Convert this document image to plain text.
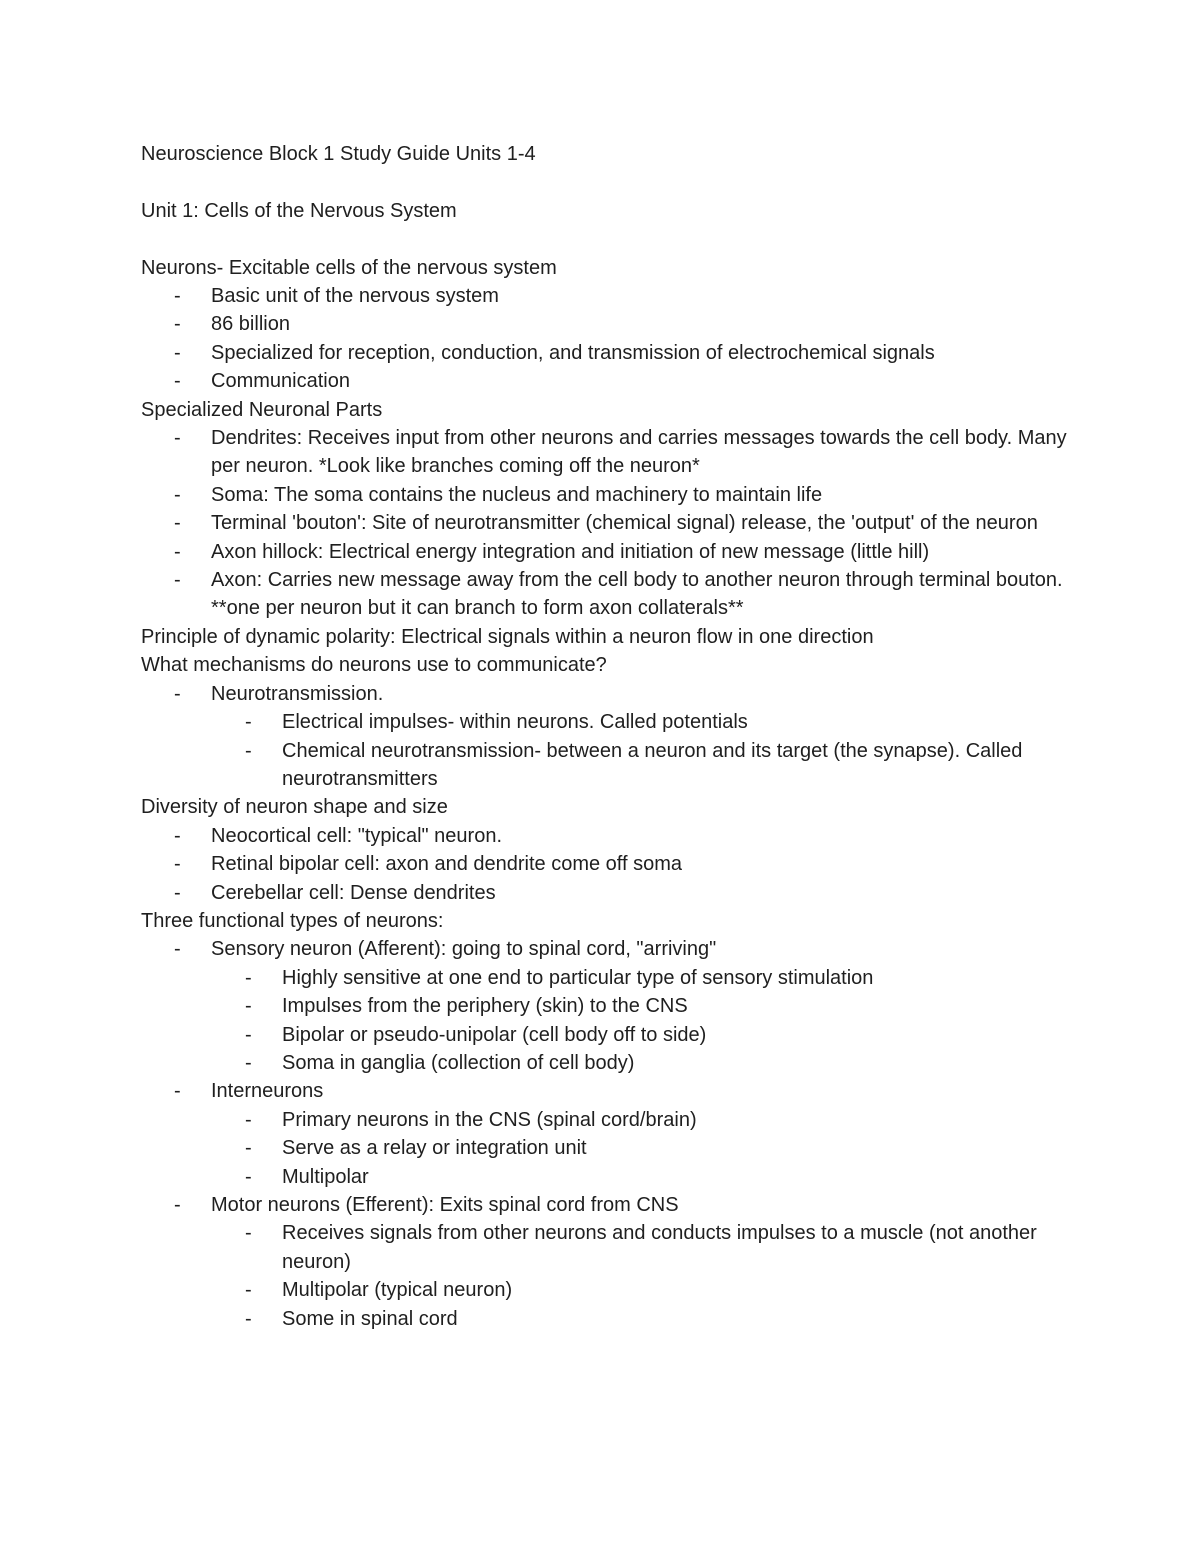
Neuroscience Block 1 Study Guide Units 1-4

Unit 1: Cells of the Nervous System

Neurons- Excitable cells of the nervous system

-	Basic unit of the nervous system
-	86 billion
-	Specialized for reception, conduction, and transmission of electrochemical signals
-	Communication

Specialized Neuronal Parts

-	Dendrites: Receives input from other neurons and carries messages towards the cell body. Many per neuron. *Look like branches coming off the neuron*
-	Soma: The soma contains the nucleus and machinery to maintain life
-	Terminal 'bouton': Site of neurotransmitter (chemical signal) release, the 'output' of the neuron
-	Axon hillock: Electrical energy integration and initiation of new message (little hill)
-	Axon: Carries new message away from the cell body to another neuron through terminal bouton. **one per neuron but it can branch to form axon collaterals**

Principle of dynamic polarity: Electrical signals within a neuron flow in one direction

What mechanisms do neurons use to communicate?

-	Neurotransmission.
-	Electrical impulses- within neurons. Called potentials
-	Chemical neurotransmission- between a neuron and its target (the synapse). Called neurotransmitters

Diversity of neuron shape and size

-	Neocortical cell: "typical" neuron.
-	Retinal bipolar cell: axon and dendrite come off soma
-	Cerebellar cell: Dense dendrites

Three functional types of neurons:

-	Sensory neuron (Afferent): going to spinal cord, "arriving"
-	Highly sensitive at one end to particular type of sensory stimulation
-	Impulses from the periphery (skin) to the CNS
-	Bipolar or pseudo-unipolar (cell body off to side)
-	Soma in ganglia (collection of cell body)
-	Interneurons
-	Primary neurons in the CNS (spinal cord/brain)
-	Serve as a relay or integration unit
-	Multipolar
-	Motor neurons (Efferent): Exits spinal cord from CNS
-	Receives signals from other neurons and conducts impulses to a muscle (not another neuron)
-	Multipolar (typical neuron)
-	Some in spinal cord
